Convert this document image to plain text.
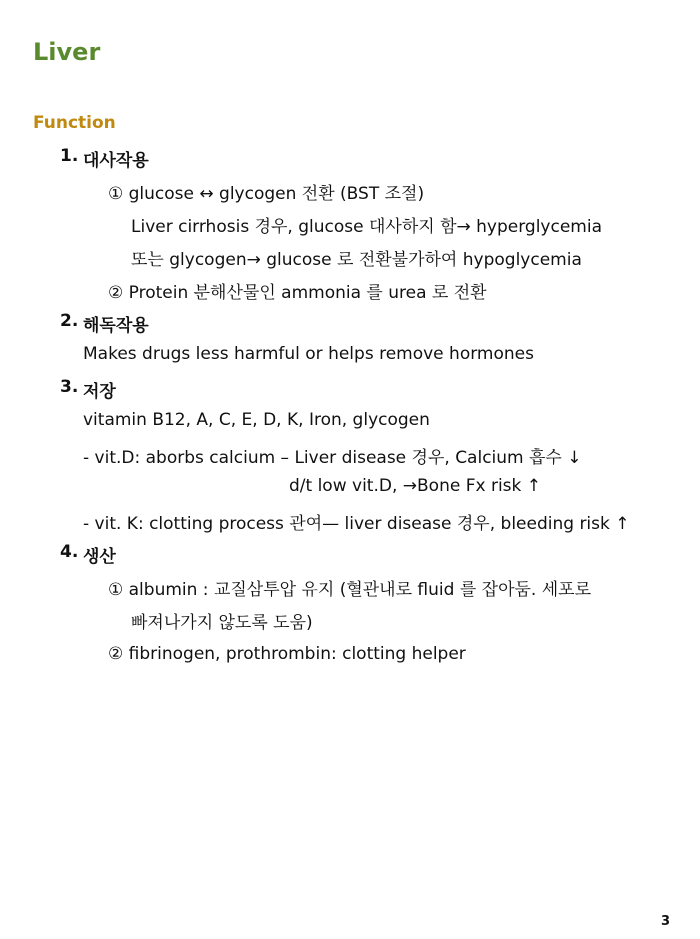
Liver
Function
1. 대사작용
① glucose ↔ glycogen 전환 (BST 조절)
Liver cirrhosis 경우, glucose 대사하지 함→ hyperglycemia
또는 glycogen→ glucose 로 전환불가하여 hypoglycemia
② Protein 분해산물인 ammonia 를 urea 로 전환
2. 해독작용
Makes drugs less harmful or helps remove hormones
3. 저장
vitamin B12, A, C, E, D, K, Iron, glycogen
- vit.D: aborbs calcium – Liver disease 경우, Calcium 흡수 ↓
d/t low vit.D, →Bone Fx risk ↑
- vit. K: clotting process 관여— liver disease 경우, bleeding risk ↑
4. 생산
① albumin : 교질삼투압 유지 (혈관내로 fluid 를 잡아둠. 세포로
빠져나가지 않도록 도움)
② fibrinogen, prothrombin: clotting helper
3
